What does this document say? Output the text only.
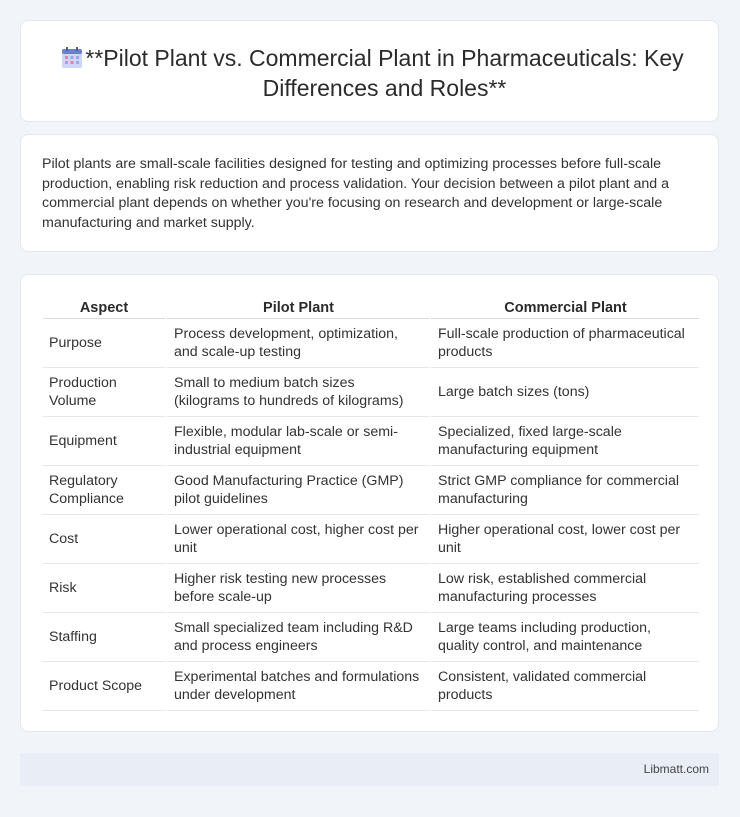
**Pilot Plant vs. Commercial Plant in Pharmaceuticals: Key Differences and Roles**

Pilot plants are small-scale facilities designed for testing and optimizing processes before full-scale production, enabling risk reduction and process validation. Your decision between a pilot plant and a commercial plant depends on whether you're focusing on research and development or large-scale manufacturing and market supply.

Aspect	Pilot Plant	Commercial Plant
Purpose	Process development, optimization, and scale-up testing	Full-scale production of pharmaceutical products
Production Volume	Small to medium batch sizes (kilograms to hundreds of kilograms)	Large batch sizes (tons)
Equipment	Flexible, modular lab-scale or semi-industrial equipment	Specialized, fixed large-scale manufacturing equipment
Regulatory Compliance	Good Manufacturing Practice (GMP) pilot guidelines	Strict GMP compliance for commercial manufacturing
Cost	Lower operational cost, higher cost per unit	Higher operational cost, lower cost per unit
Risk	Higher risk testing new processes before scale-up	Low risk, established commercial manufacturing processes
Staffing	Small specialized team including R&D and process engineers	Large teams including production, quality control, and maintenance
Product Scope	Experimental batches and formulations under development	Consistent, validated commercial products
Libmatt.com
